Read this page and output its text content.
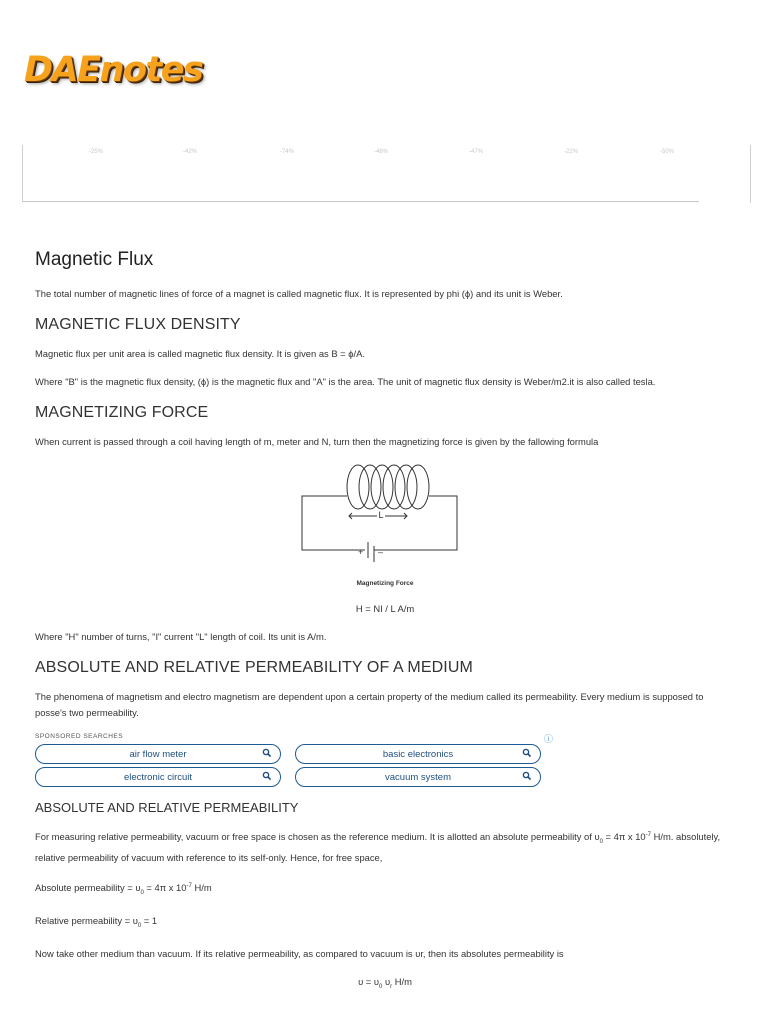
DAEnotes
-25%	-42%	-74%	-46%	-47%	-22%	-50%
Magnetic Flux

The total number of magnetic lines of force of a magnet is called magnetic flux. It is represented by phi (ϕ) and its unit is Weber.

MAGNETIC FLUX DENSITY

Magnetic flux per unit area is called magnetic flux density. It is given as B = ϕ/A.

Where "B" is the magnetic flux density, (ϕ) is the magnetic flux and "A" is the area. The unit of magnetic flux density is Weber/m2.it is also called tesla.

MAGNETIZING FORCE

When current is passed through a coil having length of m, meter and N, turn then the magnetizing force is given by the fallowing formula

L
+ –
Magnetizing Force

H = NI / L A/m

Where "H" number of turns, "I" current "L" length of coil. Its unit is A/m.

ABSOLUTE AND RELATIVE PERMEABILITY OF A MEDIUM

The phenomena of magnetism and electro magnetism are dependent upon a certain property of the medium called its permeability. Every medium is supposed to posse's two permeability.

SPONSORED SEARCHES	ⓘ
air flow meter	basic electronics
electronic circuit	vacuum system
ABSOLUTE AND RELATIVE PERMEABILITY

For measuring relative permeability, vacuum or free space is chosen as the reference medium. It is allotted an absolute permeability of $\upsilon_0 = 4\pi$ x $10^{-7}$ H/m. absolutely, relative permeability of vacuum with reference to its self-only. Hence, for free space,

Absolute permeability = $\upsilon_0 = 4\pi$ x $10^{-7}$ H/m

Relative permeability = $\upsilon_0 = 1$

Now take other medium than vacuum. If its relative permeability, as compared to vacuum is υr, then its absolutes permeability is

$\upsilon = \upsilon_0$ $\upsilon_r$ H/m
